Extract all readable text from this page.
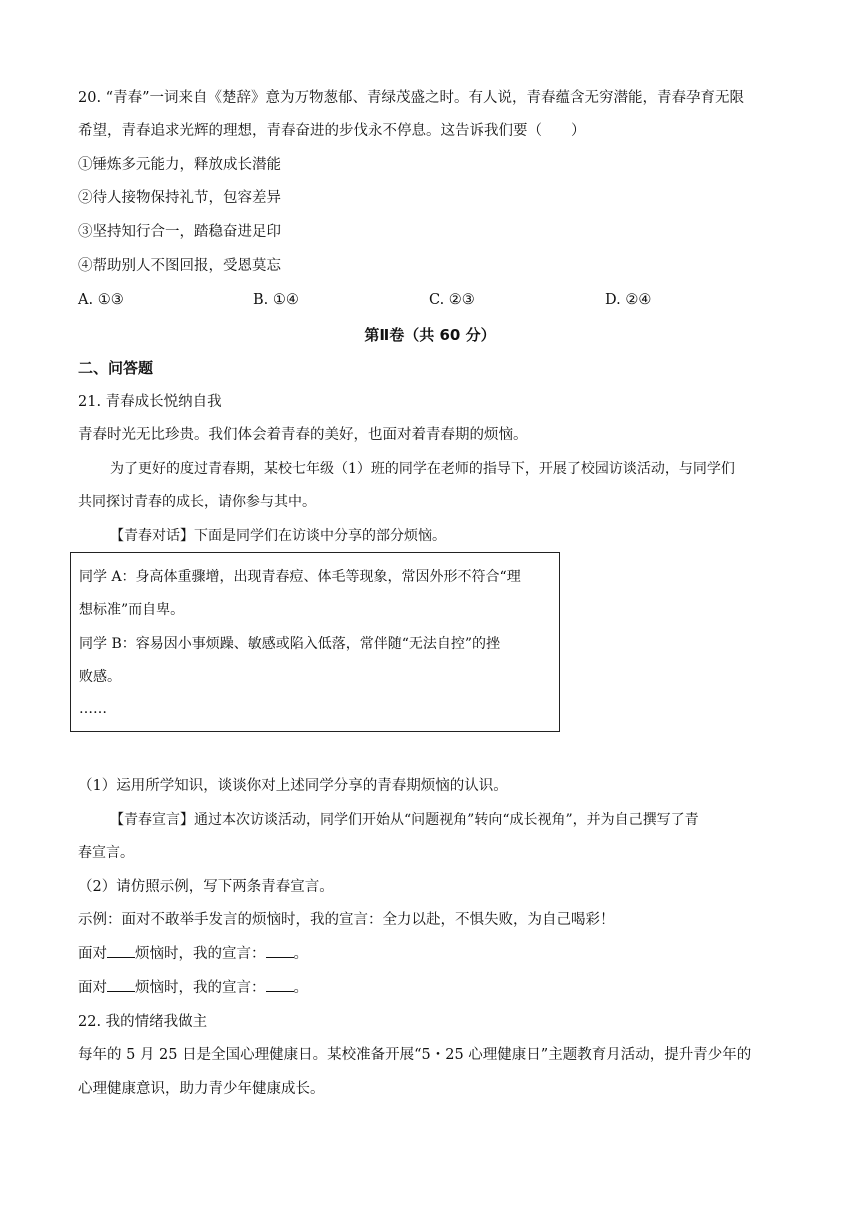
20. “青春”一词来自《楚辞》意为万物葱郁、青绿茂盛之时。有人说，青春蕴含无穷潜能，青春孕育无限
希望，青春追求光辉的理想，青春奋进的步伐永不停息。这告诉我们要（　　）
①锤炼多元能力，释放成长潜能
②待人接物保持礼节，包容差异
③坚持知行合一，踏稳奋进足印
④帮助别人不图回报，受恩莫忘
A. ①③	B. ①④	C. ②③	D. ②④
第Ⅱ卷（共 60 分）
二、问答题
21. 青春成长悦纳自我
青春时光无比珍贵。我们体会着青春的美好，也面对着青春期的烦恼。
为了更好的度过青春期，某校七年级（1）班的同学在老师的指导下，开展了校园访谈活动，与同学们
共同探讨青春的成长，请你参与其中。
【青春对话】下面是同学们在访谈中分享的部分烦恼。
同学 A：身高体重骤增，出现青春痘、体毛等现象，常因外形不符合“理
想标准”而自卑。
同学 B：容易因小事烦躁、敏感或陷入低落，常伴随“无法自控”的挫
败感。
……
（1）运用所学知识，谈谈你对上述同学分享的青春期烦恼的认识。
【青春宣言】通过本次访谈活动，同学们开始从“问题视角”转向“成长视角”，并为自己撰写了青
春宣言。
（2）请仿照示例，写下两条青春宣言。
示例：面对不敢举手发言的烦恼时，我的宣言：全力以赴，不惧失败，为自己喝彩！
面对 烦恼时，我的宣言： 。
面对 烦恼时，我的宣言： 。
22. 我的情绪我做主
每年的 5 月 25 日是全国心理健康日。某校准备开展“5・25 心理健康日”主题教育月活动，提升青少年的
心理健康意识，助力青少年健康成长。
